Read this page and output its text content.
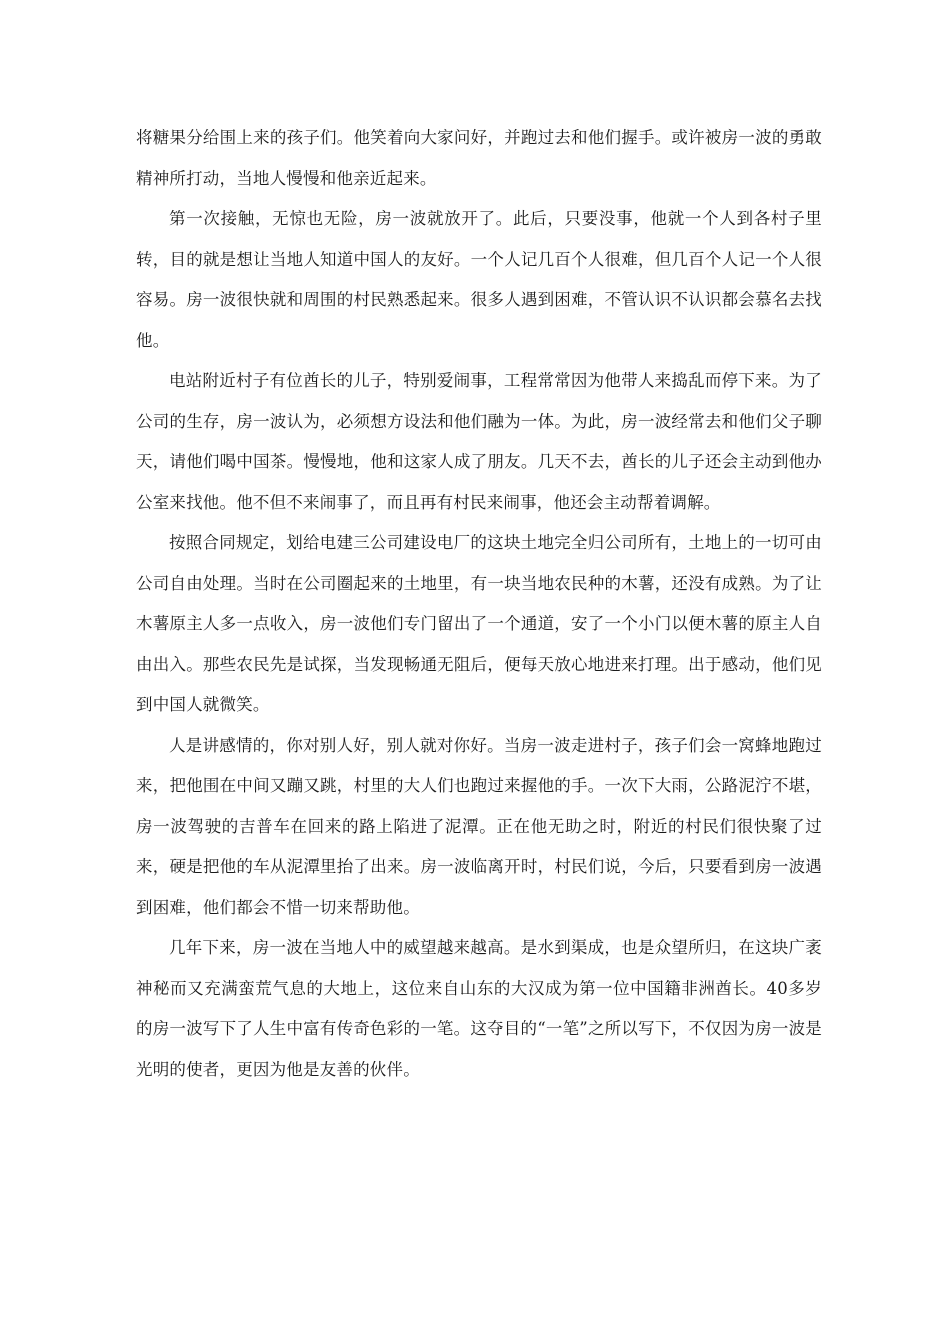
将糖果分给围上来的孩子们。他笑着向大家问好，并跑过去和他们握手。或许被房一波的勇敢精神所打动，当地人慢慢和他亲近起来。

第一次接触，无惊也无险，房一波就放开了。此后，只要没事，他就一个人到各村子里转，目的就是想让当地人知道中国人的友好。一个人记几百个人很难，但几百个人记一个人很容易。房一波很快就和周围的村民熟悉起来。很多人遇到困难，不管认识不认识都会慕名去找他。

电站附近村子有位酋长的儿子，特别爱闹事，工程常常因为他带人来捣乱而停下来。为了公司的生存，房一波认为，必须想方设法和他们融为一体。为此，房一波经常去和他们父子聊天，请他们喝中国茶。慢慢地，他和这家人成了朋友。几天不去，酋长的儿子还会主动到他办公室来找他。他不但不来闹事了，而且再有村民来闹事，他还会主动帮着调解。

按照合同规定，划给电建三公司建设电厂的这块土地完全归公司所有，土地上的一切可由公司自由处理。当时在公司圈起来的土地里，有一块当地农民种的木薯，还没有成熟。为了让木薯原主人多一点收入，房一波他们专门留出了一个通道，安了一个小门以便木薯的原主人自由出入。那些农民先是试探，当发现畅通无阻后，便每天放心地进来打理。出于感动，他们见到中国人就微笑。

人是讲感情的，你对别人好，别人就对你好。当房一波走进村子，孩子们会一窝蜂地跑过来，把他围在中间又蹦又跳，村里的大人们也跑过来握他的手。一次下大雨，公路泥泞不堪，房一波驾驶的吉普车在回来的路上陷进了泥潭。正在他无助之时，附近的村民们很快聚了过来，硬是把他的车从泥潭里抬了出来。房一波临离开时，村民们说，今后，只要看到房一波遇到困难，他们都会不惜一切来帮助他。

几年下来，房一波在当地人中的威望越来越高。是水到渠成，也是众望所归，在这块广袤神秘而又充满蛮荒气息的大地上，这位来自山东的大汉成为第一位中国籍非洲酋长。40多岁的房一波写下了人生中富有传奇色彩的一笔。这夺目的“一笔”之所以写下，不仅因为房一波是光明的使者，更因为他是友善的伙伴。
